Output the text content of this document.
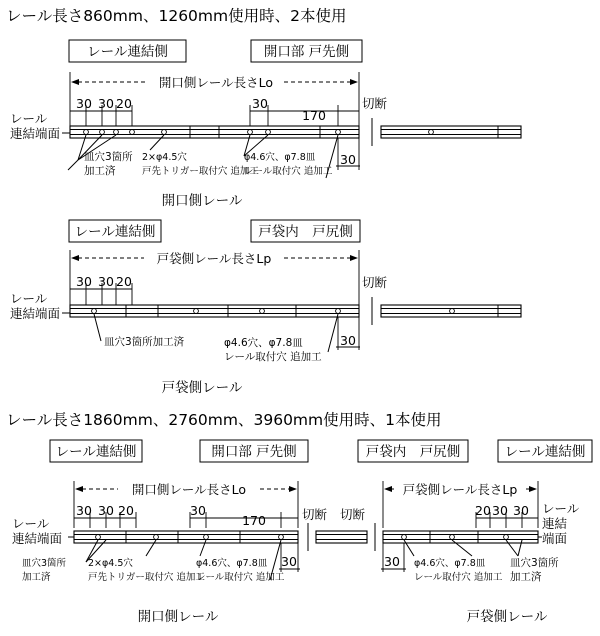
レール長さ860mm、1260mm使用時、2本使用
レール連結側	開口部 戸先側
開口側レール長さLo
30 30 20	30
170
レール
連結端面
切断
30
皿穴3箇所
加工済
2×φ4.5穴
戸先トリガー取付穴 追加工
φ4.6穴、φ7.8皿
レール取付穴 追加工
開口側レール
レール連結側	戸袋内　戸尻側
戸袋側レール長さLp
30 30 20
レール
連結端面
切断
30
皿穴3箇所加工済	φ4.6穴、φ7.8皿
レール取付穴 追加工
戸袋側レール
レール長さ1860mm、2760mm、3960mm使用時、1本使用
レール連結側	開口部 戸先側	戸袋内　戸尻側	レール連結側
開口側レール長さLo	戸袋側レール長さLp
30 30 20	30
170
20 30 30
レール
連結端面
レール
連結
端面
切断 切断
30	30
皿穴3箇所
加工済
2×φ4.5穴
戸先トリガー取付穴 追加工
φ4.6穴、φ7.8皿
レール取付穴 追加工
φ4.6穴、φ7.8皿
レール取付穴 追加工
皿穴3箇所
加工済
開口側レール	戸袋側レール
